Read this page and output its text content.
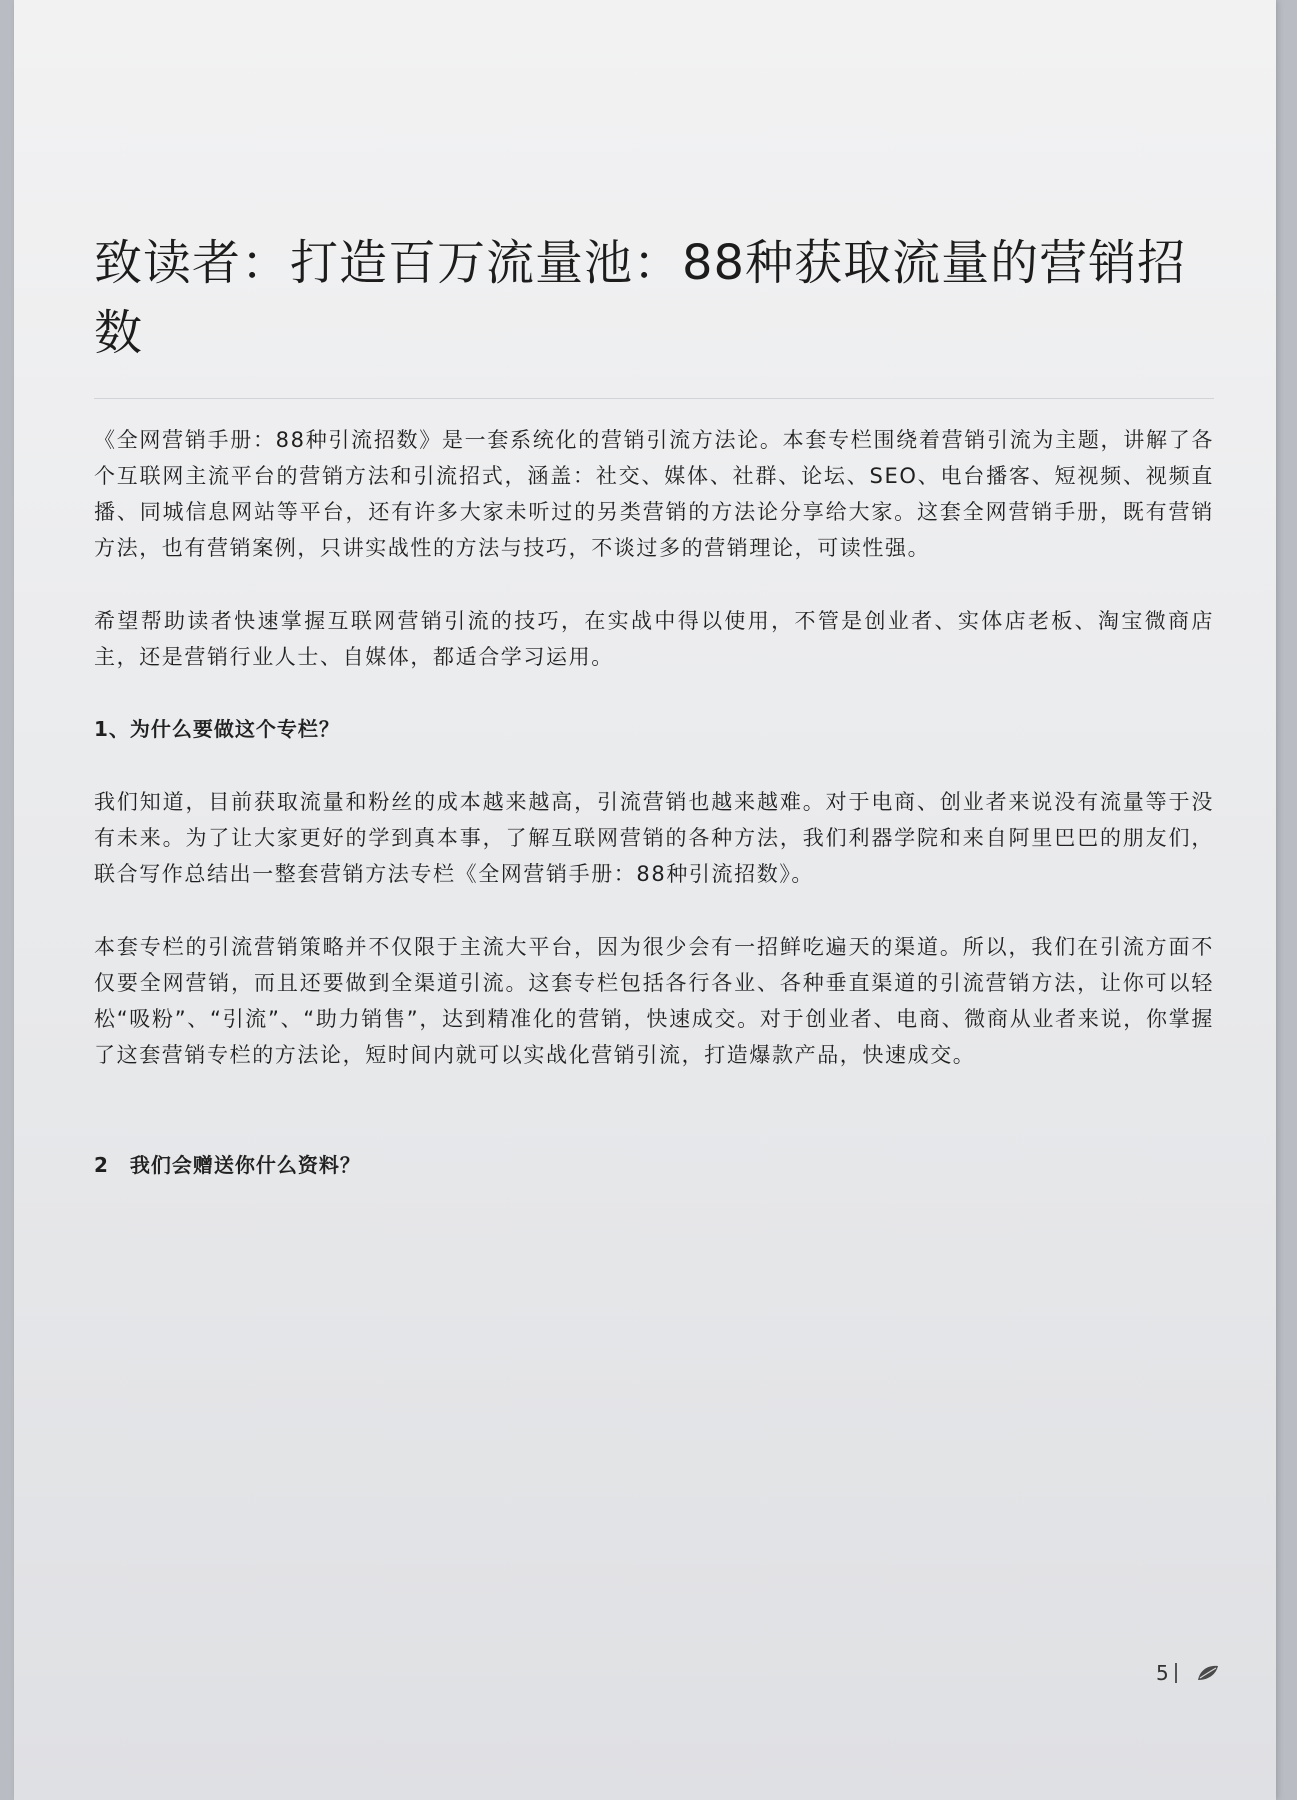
致读者：打造百万流量池：88种获取流量的营销招数

《全网营销手册：88种引流招数》是一套系统化的营销引流方法论。本套专栏围绕着营销引流为主题，讲解了各个互联网主流平台的营销方法和引流招式，涵盖：社交、媒体、社群、论坛、SEO、电台播客、短视频、视频直播、同城信息网站等平台，还有许多大家未听过的另类营销的方法论分享给大家。这套全网营销手册，既有营销方法，也有营销案例，只讲实战性的方法与技巧，不谈过多的营销理论，可读性强。

希望帮助读者快速掌握互联网营销引流的技巧，在实战中得以使用，不管是创业者、实体店老板、淘宝微商店主，还是营销行业人士、自媒体，都适合学习运用。

1、为什么要做这个专栏？

我们知道，目前获取流量和粉丝的成本越来越高，引流营销也越来越难。对于电商、创业者来说没有流量等于没有未来。为了让大家更好的学到真本事，了解互联网营销的各种方法，我们利器学院和来自阿里巴巴的朋友们，联合写作总结出一整套营销方法专栏《全网营销手册：88种引流招数》。

本套专栏的引流营销策略并不仅限于主流大平台，因为很少会有一招鲜吃遍天的渠道。所以，我们在引流方面不仅要全网营销，而且还要做到全渠道引流。这套专栏包括各行各业、各种垂直渠道的引流营销方法，让你可以轻松“吸粉”、“引流”、“助力销售”，达到精准化的营销，快速成交。对于创业者、电商、微商从业者来说，你掌握了这套营销专栏的方法论，短时间内就可以实战化营销引流，打造爆款产品，快速成交。

2　我们会赠送你什么资料？
5
